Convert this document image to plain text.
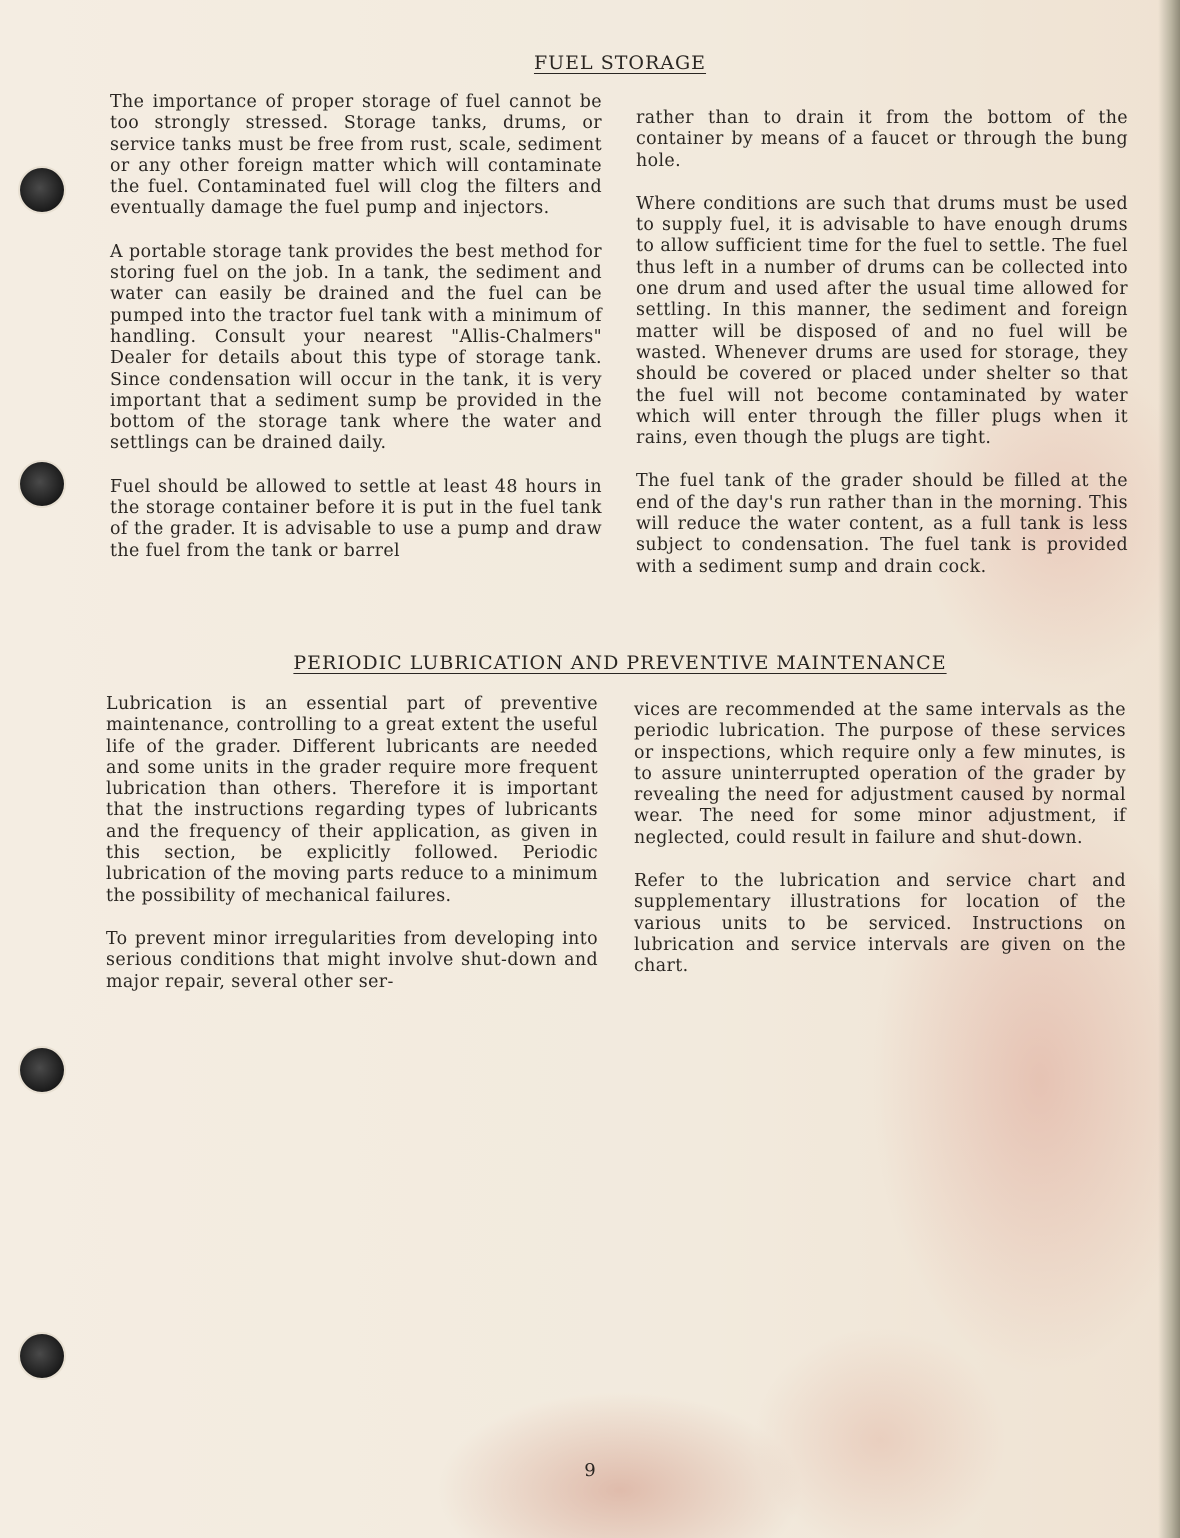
FUEL STORAGE

The importance of proper storage of fuel cannot be too strongly stressed. Storage tanks, drums, or service tanks must be free from rust, scale, sediment or any other foreign matter which will contaminate the fuel. Contaminated fuel will clog the filters and eventually damage the fuel pump and injectors.

A portable storage tank provides the best method for storing fuel on the job. In a tank, the sediment and water can easily be drained and the fuel can be pumped into the tractor fuel tank with a minimum of handling. Consult your nearest "Allis-Chalmers" Dealer for details about this type of storage tank. Since condensation will occur in the tank, it is very important that a sediment sump be provided in the bottom of the storage tank where the water and settlings can be drained daily.

Fuel should be allowed to settle at least 48 hours in the storage container before it is put in the fuel tank of the grader. It is advisable to use a pump and draw the fuel from the tank or barrel

rather than to drain it from the bottom of the container by means of a faucet or through the bung hole.

Where conditions are such that drums must be used to supply fuel, it is advisable to have enough drums to allow sufficient time for the fuel to settle. The fuel thus left in a number of drums can be collected into one drum and used after the usual time allowed for settling. In this manner, the sediment and foreign matter will be disposed of and no fuel will be wasted. Whenever drums are used for storage, they should be covered or placed under shelter so that the fuel will not become contaminated by water which will enter through the filler plugs when it rains, even though the plugs are tight.

The fuel tank of the grader should be filled at the end of the day's run rather than in the morning. This will reduce the water content, as a full tank is less subject to condensation. The fuel tank is provided with a sediment sump and drain cock.

PERIODIC LUBRICATION AND PREVENTIVE MAINTENANCE

Lubrication is an essential part of preventive maintenance, controlling to a great extent the useful life of the grader. Different lubricants are needed and some units in the grader require more frequent lubrication than others. Therefore it is important that the instructions regarding types of lubricants and the frequency of their application, as given in this section, be explicitly followed. Periodic lubrication of the moving parts reduce to a minimum the possibility of mechanical failures.

To prevent minor irregularities from developing into serious conditions that might involve shut-down and major repair, several other ser-

vices are recommended at the same intervals as the periodic lubrication. The purpose of these services or inspections, which require only a few minutes, is to assure uninterrupted operation of the grader by revealing the need for adjustment caused by normal wear. The need for some minor adjustment, if neglected, could result in failure and shut-down.

Refer to the lubrication and service chart and supplementary illustrations for location of the various units to be serviced. Instructions on lubrication and service intervals are given on the chart.

9
